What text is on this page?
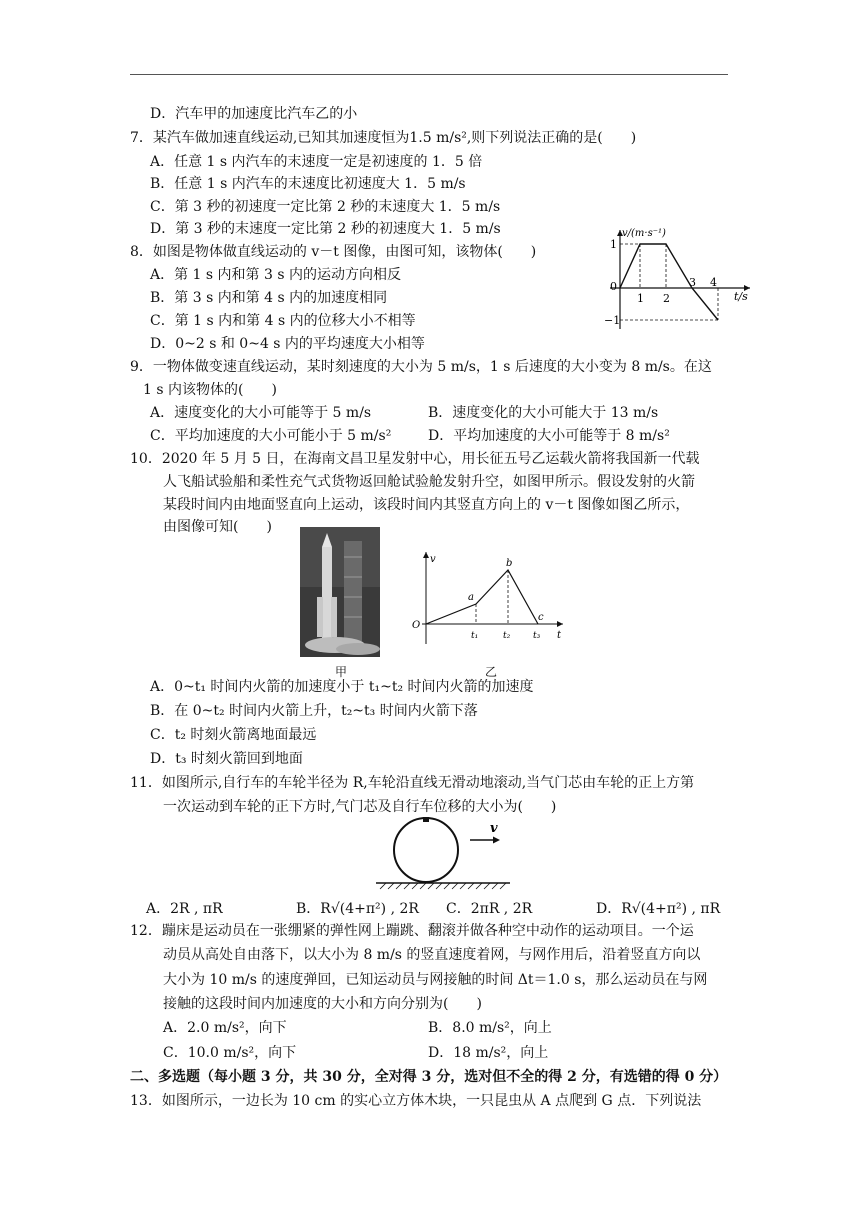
D．汽车甲的加速度比汽车乙的小
7．某汽车做加速直线运动,已知其加速度恒为1.5 m/s²,则下列说法正确的是(　　)
A．任意 1 s 内汽车的末速度一定是初速度的 1．5 倍
B．任意 1 s 内汽车的末速度比初速度大 1．5 m/s
C．第 3 秒的初速度一定比第 2 秒的末速度大 1．5 m/s
D．第 3 秒的末速度一定比第 2 秒的初速度大 1．5 m/s
8．如图是物体做直线运动的 v－t 图像，由图可知，该物体(　　)
A．第 1 s 内和第 3 s 内的运动方向相反
B．第 3 s 内和第 4 s 内的加速度相同
C．第 1 s 内和第 4 s 内的位移大小不相等
D．0~2 s 和 0~4 s 内的平均速度大小相等
v/(m·s⁻¹)
t/s
0
1 2
3 4
1
−1
9．一物体做变速直线运动，某时刻速度的大小为 5 m/s，1 s 后速度的大小变为 8 m/s。在这
1 s 内该物体的(　　)
A．速度变化的大小可能等于 5 m/s	B．速度变化的大小可能大于 13 m/s
C．平均加速度的大小可能小于 5 m/s²	D．平均加速度的大小可能等于 8 m/s²
10．2020 年 5 月 5 日，在海南文昌卫星发射中心，用长征五号乙运载火箭将我国新一代载
人飞船试验船和柔性充气式货物返回舱试验舱发射升空，如图甲所示。假设发射的火箭
某段时间内由地面竖直向上运动，该段时间内其竖直方向上的 v－t 图像如图乙所示，
由图像可知(　　)
甲
v
t
O
a
b
c
t₁	t₂	t₃
乙
A．0~t₁ 时间内火箭的加速度小于 t₁~t₂ 时间内火箭的加速度
B．在 0~t₂ 时间内火箭上升，t₂~t₃ 时间内火箭下落
C．t₂ 时刻火箭离地面最远
D．t₃ 时刻火箭回到地面
11．如图所示,自行车的车轮半径为 R,车轮沿直线无滑动地滚动,当气门芯由车轮的正上方第
一次运动到车轮的正下方时,气门芯及自行车位移的大小为(　　)
v
A．2R , πR	B．R√(4+π²) , 2R C．2πR , 2R	D．R√(4+π²) , πR
12．蹦床是运动员在一张绷紧的弹性网上蹦跳、翻滚并做各种空中动作的运动项目。一个运
动员从高处自由落下，以大小为 8 m/s 的竖直速度着网，与网作用后，沿着竖直方向以
大小为 10 m/s 的速度弹回，已知运动员与网接触的时间 Δt＝1.0 s，那么运动员在与网
接触的这段时间内加速度的大小和方向分别为(　　)
A．2.0 m/s²，向下	B．8.0 m/s²，向上
C．10.0 m/s²，向下	D．18 m/s²，向上
二、多选题（每小题 3 分，共 30 分，全对得 3 分，选对但不全的得 2 分，有选错的得 0 分）
13．如图所示，一边长为 10 cm 的实心立方体木块，一只昆虫从 A 点爬到 G 点．下列说法
